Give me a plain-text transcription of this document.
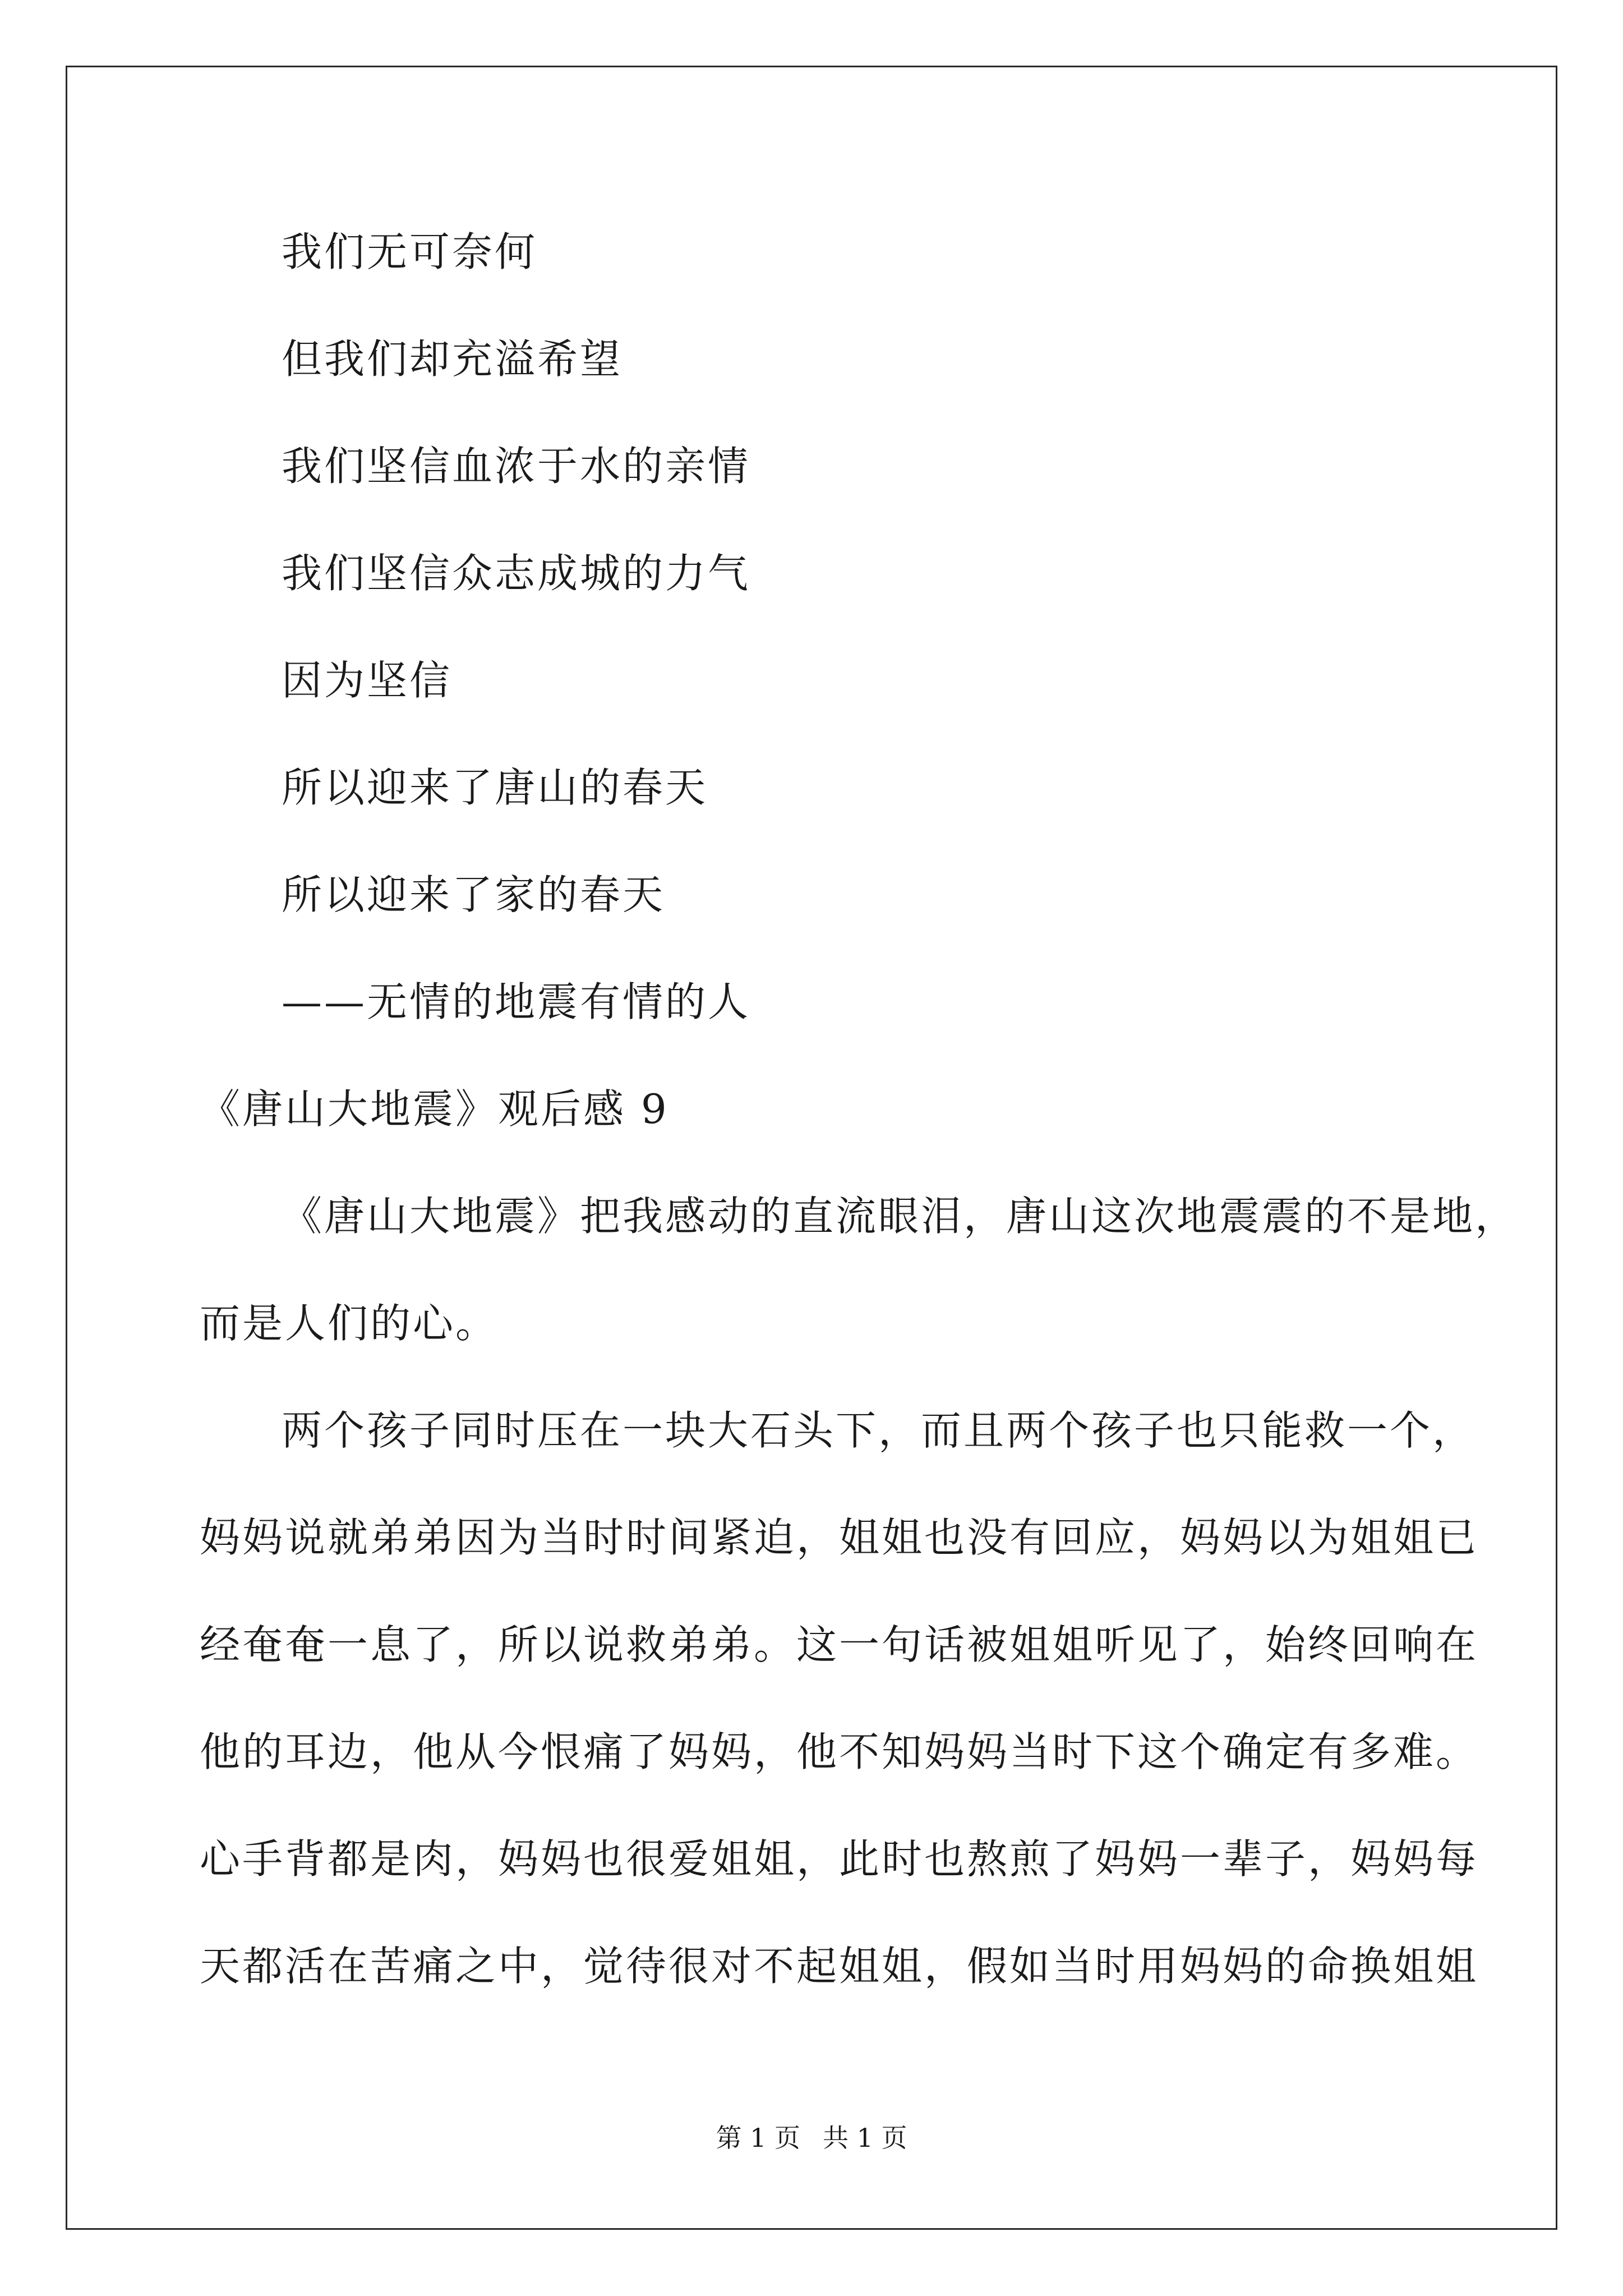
我们无可奈何
但我们却充溢希望
我们坚信血浓于水的亲情
我们坚信众志成城的力气
因为坚信
所以迎来了唐山的春天
所以迎来了家的春天
——无情的地震有情的人
《唐山大地震》观后感 9
《唐山大地震》把我感动的直流眼泪，唐山这次地震震的不是地，
而是人们的心。
两个孩子同时压在一块大石头下，而且两个孩子也只能救一个，
妈妈说就弟弟因为当时时间紧迫，姐姐也没有回应，妈妈以为姐姐已
经奄奄一息了，所以说救弟弟。这一句话被姐姐听见了，始终回响在
他的耳边，他从今恨痛了妈妈，他不知妈妈当时下这个确定有多难。
心手背都是肉，妈妈也很爱姐姐，此时也熬煎了妈妈一辈子，妈妈每
天都活在苦痛之中，觉待很对不起姐姐，假如当时用妈妈的命换姐姐
第 1 页 共 1 页
